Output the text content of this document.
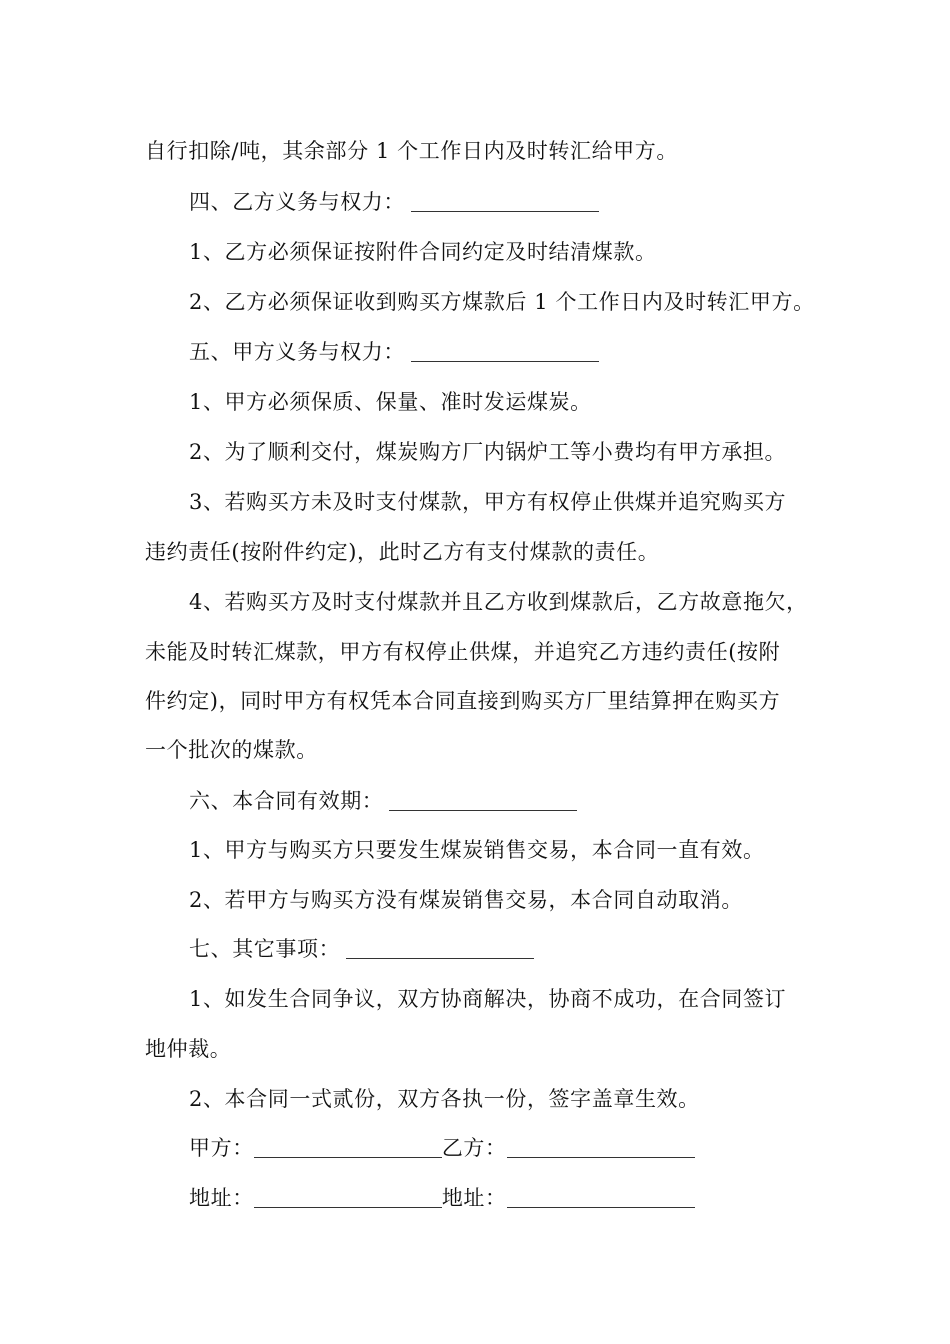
自行扣除/吨，其余部分 1 个工作日内及时转汇给甲方。
四、乙方义务与权力：
1、乙方必须保证按附件合同约定及时结清煤款。
2、乙方必须保证收到购买方煤款后 1 个工作日内及时转汇甲方。
五、甲方义务与权力：
1、甲方必须保质、保量、准时发运煤炭。
2、为了顺利交付，煤炭购方厂内锅炉工等小费均有甲方承担。
3、若购买方未及时支付煤款，甲方有权停止供煤并追究购买方
违约责任(按附件约定)，此时乙方有支付煤款的责任。
4、若购买方及时支付煤款并且乙方收到煤款后，乙方故意拖欠，
未能及时转汇煤款，甲方有权停止供煤，并追究乙方违约责任(按附
件约定)，同时甲方有权凭本合同直接到购买方厂里结算押在购买方
一个批次的煤款。
六、本合同有效期：
1、甲方与购买方只要发生煤炭销售交易，本合同一直有效。
2、若甲方与购买方没有煤炭销售交易，本合同自动取消。
七、其它事项：
1、如发生合同争议，双方协商解决，协商不成功，在合同签订
地仲裁。
2、本合同一式贰份，双方各执一份，签字盖章生效。
甲方：	乙方：
地址：	地址：
